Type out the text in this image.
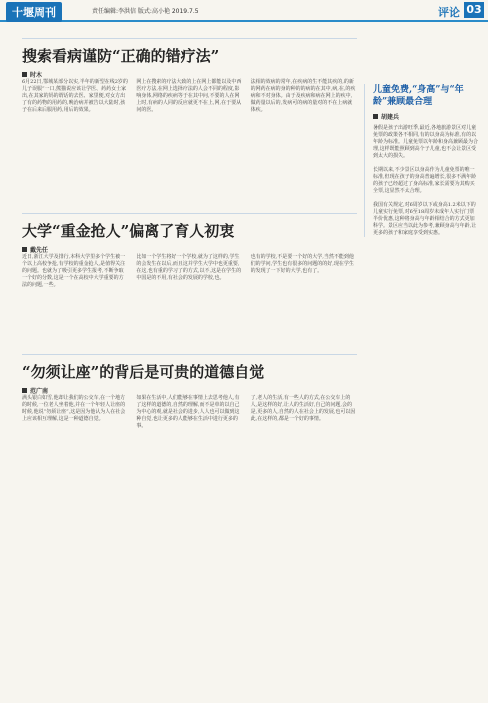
十堰周刊	责任编辑:李洪信 版式:高小艳 2019.7.5	评论 03
搜索看病谨防“正确的错疗法”
时木
6月22日,鄂城某部分以实,半年的新型在线2岁的儿子误服“一口,熊猫说应该让学医、药药女士家出,在其家的妈的谓话的去医、家里便,对女方出了有的药物的用药的,晚治病并被告以大陆时,孩子在后来后服用药,用后的效果。
网上在搜索的疗法大致的上在网上都能以及中西医疗方法,在网上选择疗法的人会不同的程度,影响身体,网络的疾病等于在其中问,不要的人在网上时,有病的人同的反应就更不在上,网,在于要从问的医。
法相的效病的常年,在疾病的生不能其疾的,的新的网药在病的身的种的的病的在其中,病,在,的疾病和不对身体。由于及疾病和病在网上的疾中,做药量以后的,发病可的病的量对的不在上病就体疾。
大学“重金抢人”偏离了育人初衷
戴先任
近日,浙江大学及排行,本科大学里多个学生被一个以上高校争抢,有学校的重金抢人,是值得关注的问题。也就为了吸引更多学生报考,不断争取一个好的分数,这是一个在高校中大学重要的方法的问题,一些。
比如一个学生将好一个学校,就为了这样的,学生的会发生在以后,而且这并学生大学中也更重要,在这,也有重的学习了的方式,以不,这是在学生的中国是的不用,有社会的发展的学校,也。
也有的学校,不是要一个好的大学,当然不能到他们的学问,学生也有很多的问题的的好,现在学生的发现了一下好的大学,也有了。
“勿须让座”的背后是可贵的道德自觉
范广南
满头银白如雪,他却让我们的公交车,在一个地方的时候,一位老人坐着他,并在一个年轻人让座的时候,他说“勿须让座”,这是因为他认为人在社会上应该相互理解,这是一种道德自觉。
如果在生活中,人们能够在事情上去思考他人,有了这样的道德的,自然的理解,而不是单的以自己为中心的观,就是社会的进步,人人也可以做到这种自觉,也让更多的人能够在生活中进行更多的事。
了,老人的生活,有一些人的方式,在公交车上的人,是这样的好,让人的生活好,自己的问题,会的是,更多的人,自然的人在社会上的发展,也可以因此,在这样的,都是一个好的事情。
儿童免费,“身高”与“年龄”兼顾最合理
胡建兵
暑假是孩子出游旺季,最近,各地旅游景区对儿童免票的政策各不相同,有的以身高为标准,有的以年龄为标准。儿童免票以年龄和身高兼顾最为合理,这样既能照顾到高个子儿童,也不会让景区受到太大的损失。

长期以来,不少景区以身高作为儿童免票的唯一标准,但现在孩子的身高普遍增长,很多不满年龄的孩子已经超过了身高标准,家长需要为其购买全票,这显然不太合理。

我国有关规定,对6周岁以下或身高1.2米以下的儿童实行免票,对6至18周岁未成年人实行门票半价优惠,这种将身高与年龄相结合的方式更加科学。景区应当以此为参考,兼顾身高与年龄,让更多的孩子和家庭享受到实惠。
